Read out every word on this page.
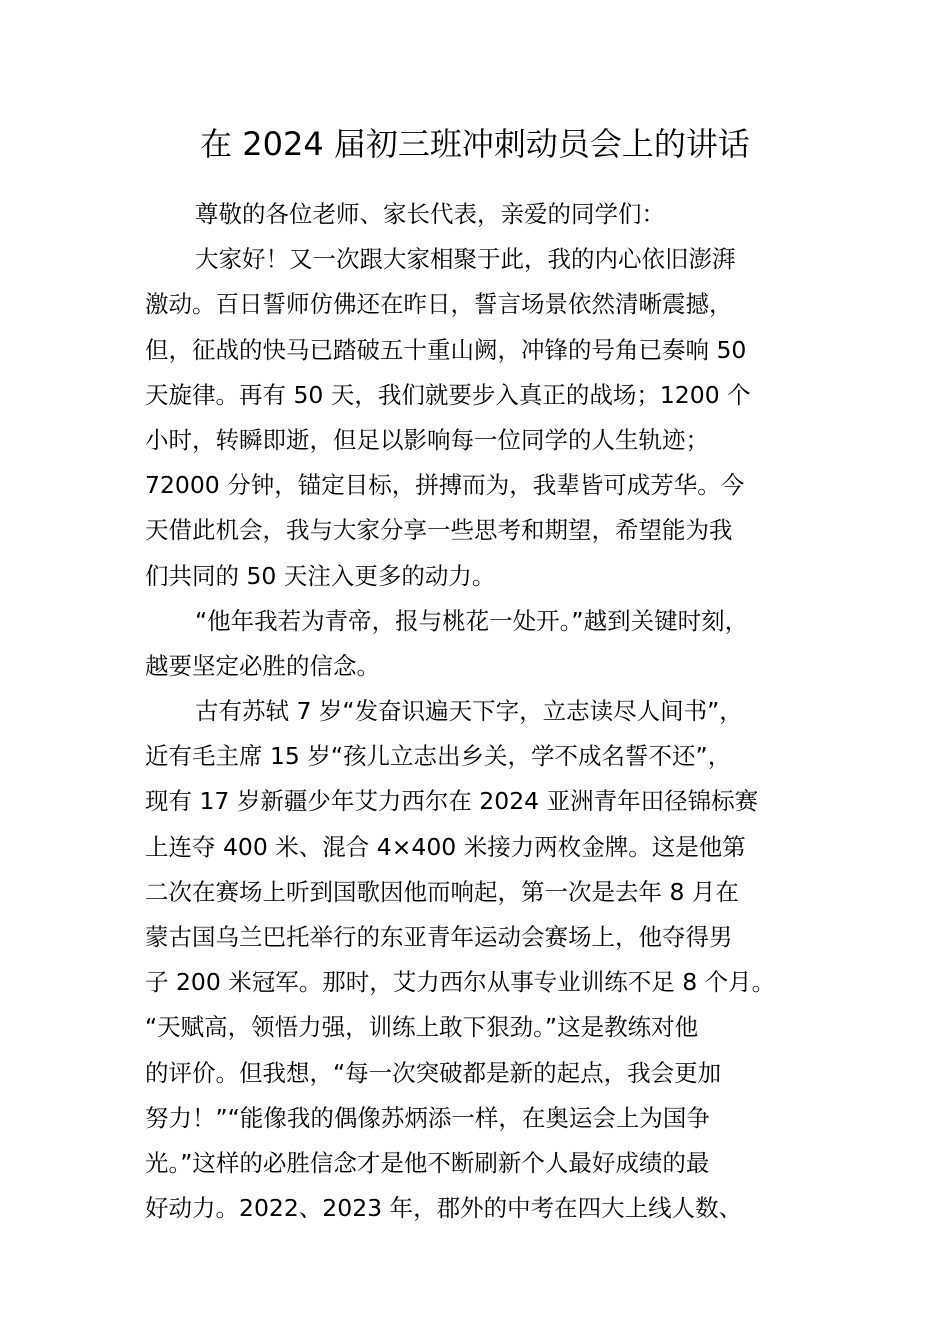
在 2024 届初三班冲刺动员会上的讲话
尊敬的各位老师、家长代表，亲爱的同学们：
大家好！又一次跟大家相聚于此，我的内心依旧澎湃
激动。百日誓师仿佛还在昨日，誓言场景依然清晰震撼，
但，征战的快马已踏破五十重山阙，冲锋的号角已奏响 50
天旋律。再有 50 天，我们就要步入真正的战场；1200 个
小时，转瞬即逝，但足以影响每一位同学的人生轨迹；
72000 分钟，锚定目标，拼搏而为，我辈皆可成芳华。今
天借此机会，我与大家分享一些思考和期望，希望能为我
们共同的 50 天注入更多的动力。
“他年我若为青帝，报与桃花一处开。”越到关键时刻，
越要坚定必胜的信念。
古有苏轼 7 岁“发奋识遍天下字，立志读尽人间书”，
近有毛主席 15 岁“孩儿立志出乡关，学不成名誓不还”，
现有 17 岁新疆少年艾力西尔在 2024 亚洲青年田径锦标赛
上连夺 400 米、混合 4×400 米接力两枚金牌。这是他第
二次在赛场上听到国歌因他而响起，第一次是去年 8 月在
蒙古国乌兰巴托举行的东亚青年运动会赛场上，他夺得男
子 200 米冠军。那时，艾力西尔从事专业训练不足 8 个月。
“天赋高，领悟力强，训练上敢下狠劲。”这是教练对他
的评价。但我想，“每一次突破都是新的起点，我会更加
努力！”“能像我的偶像苏炳添一样，在奥运会上为国争
光。”这样的必胜信念才是他不断刷新个人最好成绩的最
好动力。2022、2023 年，郡外的中考在四大上线人数、
